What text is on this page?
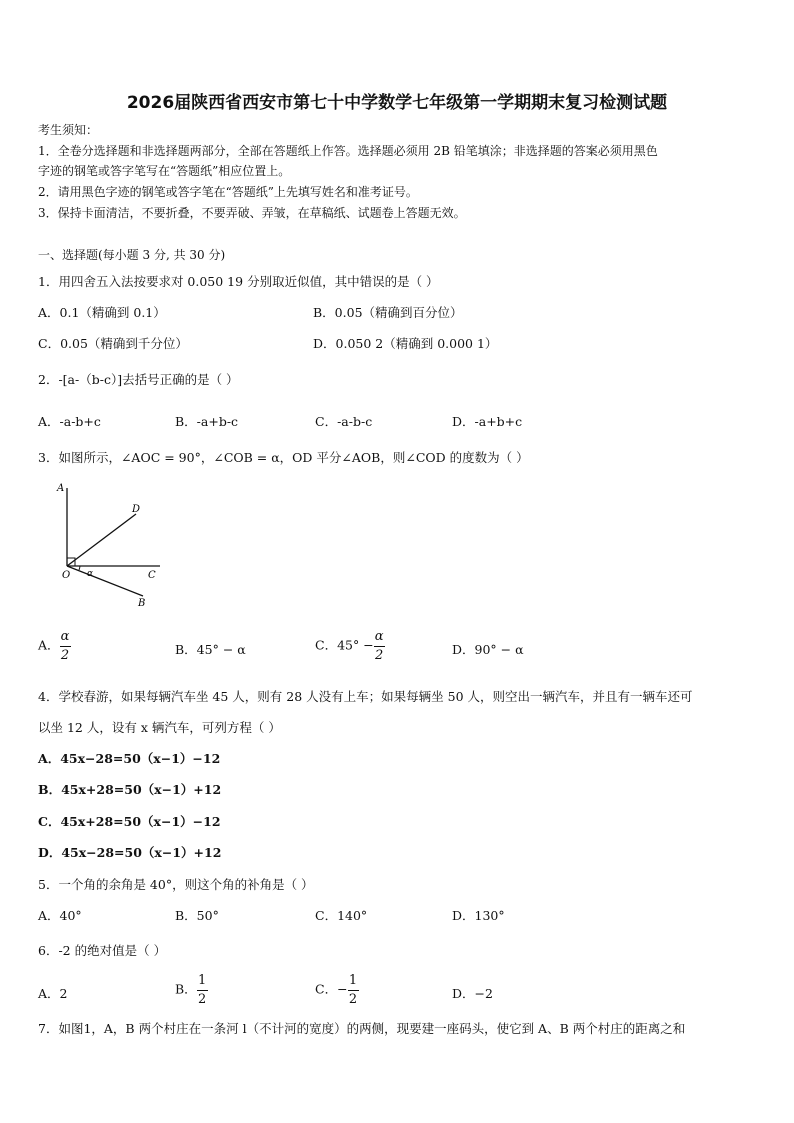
2026届陕西省西安市第七十中学数学七年级第一学期期末复习检测试题
考生须知：
1．全卷分选择题和非选择题两部分，全部在答题纸上作答。选择题必须用 2B 铅笔填涂；非选择题的答案必须用黑色
字迹的钢笔或答字笔写在“答题纸”相应位置上。
2．请用黑色字迹的钢笔或答字笔在“答题纸”上先填写姓名和准考证号。
3．保持卡面清洁，不要折叠，不要弄破、弄皱，在草稿纸、试题卷上答题无效。
一、选择题(每小题 3 分, 共 30 分)
1．用四舍五入法按要求对 0.050 19 分别取近似值，其中错误的是（ ）
A．0.1（精确到 0.1）	B．0.05（精确到百分位）
C．0.05（精确到千分位）	D．0.050 2（精确到 0.000 1）
2．-[a-（b-c）]去括号正确的是（ ）
A．-a-b+c	B．-a+b-c	C．-a-b-c	D．-a+b+c
3．如图所示，∠AOC = 90°，∠COB = α，OD 平分∠AOB，则∠COD 的度数为（ ）
A
D
O α	C
B
A． $\frac{\alpha}{2}$	B．45° − α	C．$45^\circ - \frac{\alpha}{2}$	D．90° − α
4．学校春游，如果每辆汽车坐 45 人，则有 28 人没有上车；如果每辆坐 50 人，则空出一辆汽车，并且有一辆车还可
以坐 12 人，设有 x 辆汽车，可列方程（ ）
A．45x−28=50（x−1）−12
B．45x+28=50（x−1）+12
C．45x+28=50（x−1）−12
D．45x−28=50（x−1）+12
5．一个角的余角是 40°，则这个角的补角是（ ）
A．40°	B．50°	C．140°	D．130°
6．-2 的绝对值是（ ）
A．2	B． $\frac{1}{2}$	C．− $\frac{1}{2}$	D．−2
7．如图1，A，B 两个村庄在一条河 l（不计河的宽度）的两侧，现要建一座码头，使它到 A、B 两个村庄的距离之和
